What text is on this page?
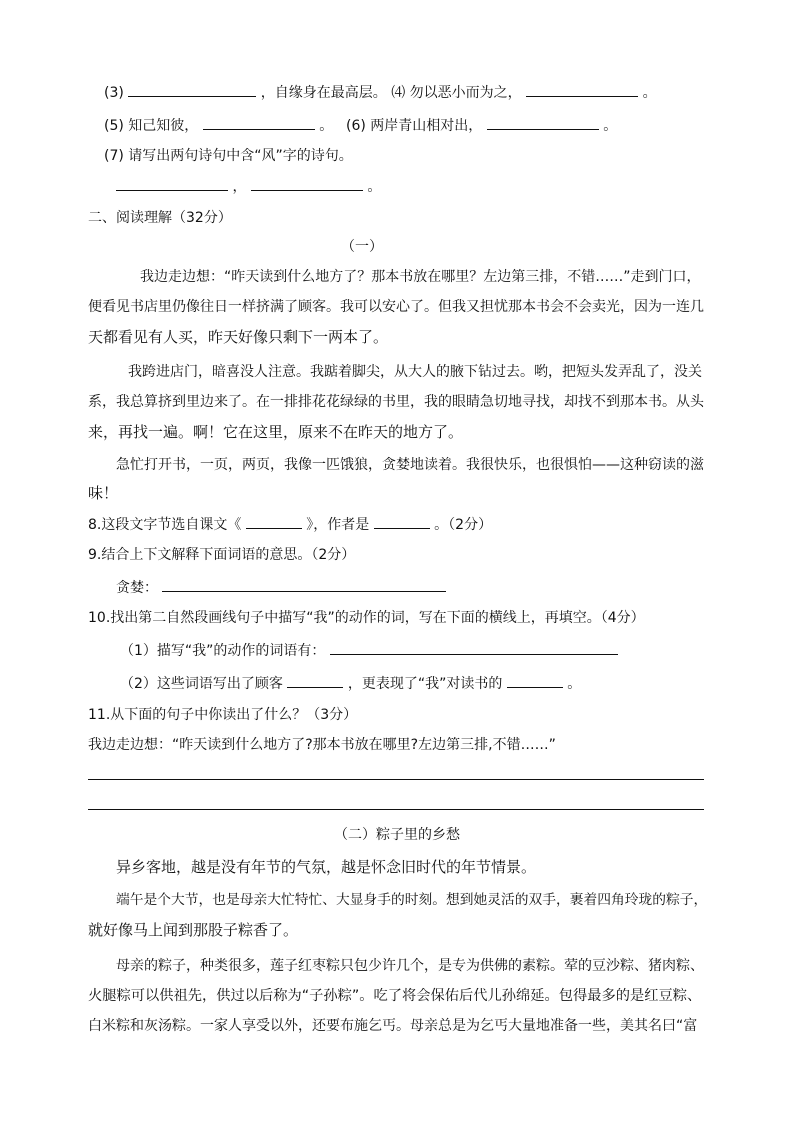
(3)	，自缘身在最高层。 ⑷ 勿以恶小而为之，	。
(5) 知己知彼，	。 (6) 两岸青山相对出，	。
(7) 请写出两句诗句中含“风”字的诗句。
，	。
二、阅读理解（32分）
（一）
我边走边想：“昨天读到什么地方了？那本书放在哪里？左边第三排，不错……”走到门口，
便看见书店里仍像往日一样挤满了顾客。我可以安心了。但我又担忧那本书会不会卖光，因为一连几
天都看见有人买，昨天好像只剩下一两本了。
我跨进店门，暗喜没人注意。我踮着脚尖，从大人的腋下钻过去。哟，把短头发弄乱了，没关
系，我总算挤到里边来了。在一排排花花绿绿的书里，我的眼睛急切地寻找，却找不到那本书。从头
来，再找一遍。啊！它在这里，原来不在昨天的地方了。
急忙打开书，一页，两页，我像一匹饿狼，贪婪地读着。我很快乐，也很惧怕——这种窃读的滋
味！
8.这段文字节选自课文《	》，作者是	。（2分）
9.结合上下文解释下面词语的意思。（2分）
贪婪：
10.找出第二自然段画线句子中描写“我”的动作的词，写在下面的横线上，再填空。（4分）
（1）描写“我”的动作的词语有：
（2）这些词语写出了顾客	，更表现了“我”对读书的	。
11.从下面的句子中你读出了什么？（3分）
我边走边想：“昨天读到什么地方了?那本书放在哪里?左边第三排,不错……”
（二）粽子里的乡愁
异乡客地，越是没有年节的气氛，越是怀念旧时代的年节情景。
端午是个大节，也是母亲大忙特忙、大显身手的时刻。想到她灵活的双手，裹着四角玲珑的粽子，
就好像马上闻到那股子粽香了。
母亲的粽子，种类很多，莲子红枣粽只包少许几个，是专为供佛的素粽。荤的豆沙粽、猪肉粽、
火腿粽可以供祖先，供过以后称为“子孙粽”。吃了将会保佑后代儿孙绵延。包得最多的是红豆粽、
白米粽和灰汤粽。一家人享受以外，还要布施乞丐。母亲总是为乞丐大量地准备一些，美其名曰“富
